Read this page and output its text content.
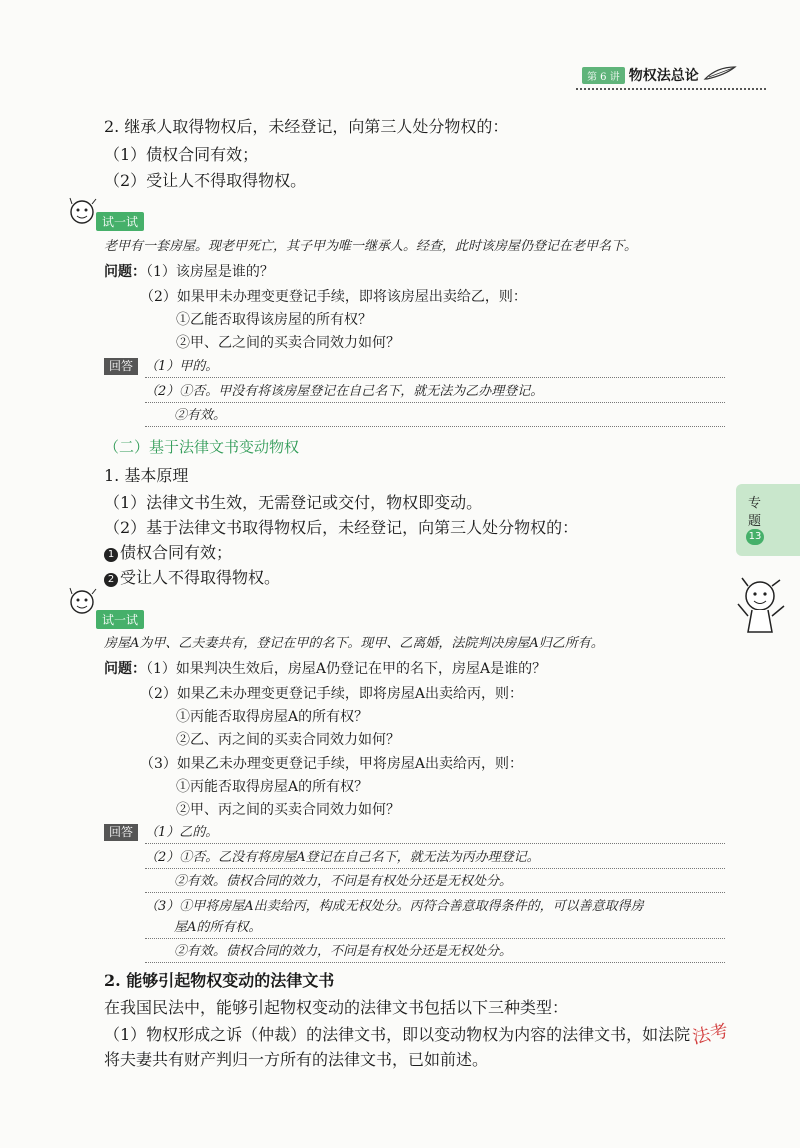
第 6 讲 物权法总论
2. 继承人取得物权后，未经登记，向第三人处分物权的：
（1）债权合同有效；
（2）受让人不得取得物权。
试一试
老甲有一套房屋。现老甲死亡，其子甲为唯一继承人。经查，此时该房屋仍登记在老甲名下。
问题：（1）该房屋是谁的？
（2）如果甲未办理变更登记手续，即将该房屋出卖给乙，则：
①乙能否取得该房屋的所有权？
②甲、乙之间的买卖合同效力如何？
回答 （1）甲的。
（2）①否。甲没有将该房屋登记在自己名下，就无法为乙办理登记。
②有效。
（二）基于法律文书变动物权
1. 基本原理
（1）法律文书生效，无需登记或交付，物权即变动。
（2）基于法律文书取得物权后，未经登记，向第三人处分物权的：
1 债权合同有效；
2 受让人不得取得物权。
专
题
13
试一试
房屋A为甲、乙夫妻共有，登记在甲的名下。现甲、乙离婚，法院判决房屋A归乙所有。
问题：（1）如果判决生效后，房屋A仍登记在甲的名下，房屋A是谁的？
（2）如果乙未办理变更登记手续，即将房屋A出卖给丙，则：
①丙能否取得房屋A的所有权？
②乙、丙之间的买卖合同效力如何？
（3）如果乙未办理变更登记手续，甲将房屋A出卖给丙，则：
①丙能否取得房屋A的所有权？
②甲、丙之间的买卖合同效力如何？
回答 （1）乙的。
（2）①否。乙没有将房屋A登记在自己名下，就无法为丙办理登记。
②有效。债权合同的效力，不问是有权处分还是无权处分。
（3）①甲将房屋A出卖给丙，构成无权处分。丙符合善意取得条件的，可以善意取得房
屋A的所有权。
②有效。债权合同的效力，不问是有权处分还是无权处分。
2. 能够引起物权变动的法律文书
在我国民法中，能够引起物权变动的法律文书包括以下三种类型：
（1）物权形成之诉（仲裁）的法律文书，即以变动物权为内容的法律文书，如法院
将夫妻共有财产判归一方所有的法律文书，已如前述。
法考
